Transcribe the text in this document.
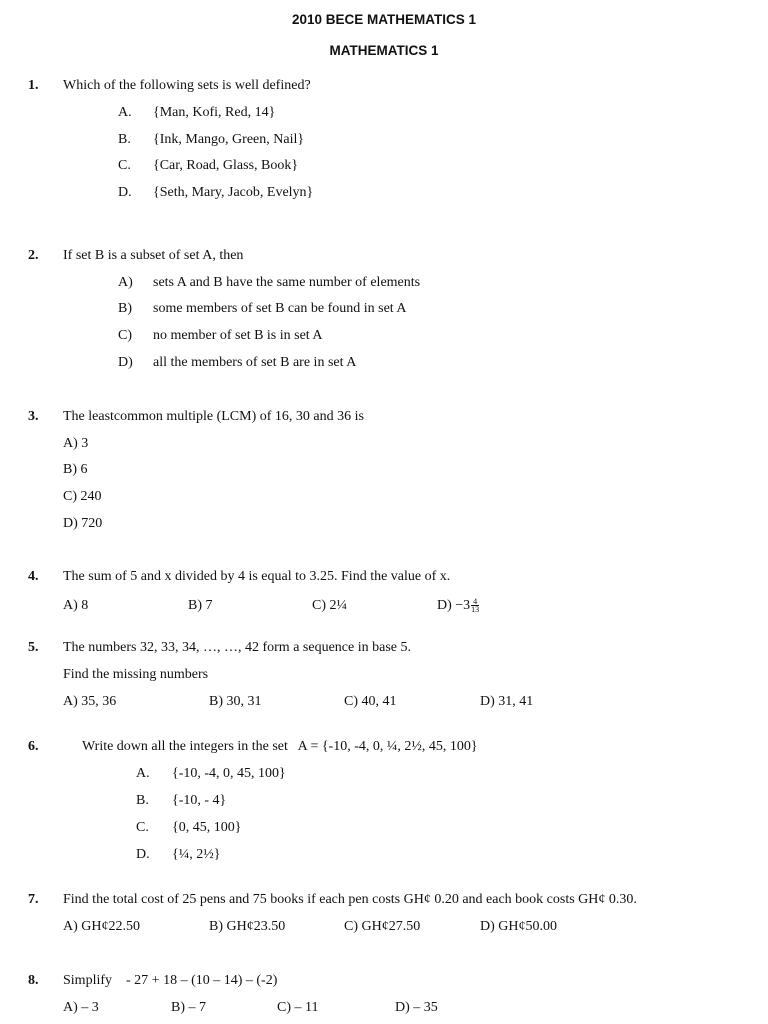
2010 BECE MATHEMATICS 1
MATHEMATICS 1
1. Which of the following sets is well defined?
A. {Man, Kofi, Red, 14}
B. {Ink, Mango, Green, Nail}
C. {Car, Road, Glass, Book}
D. {Seth, Mary, Jacob, Evelyn}
2. If set B is a subset of set A, then
A) sets A and B have the same number of elements
B) some members of set B can be found in set A
C) no member of set B is in set A
D) all the members of set B are in set A
3. The leastcommon multiple (LCM) of 16, 30 and 36 is
A) 3
B) 6
C) 240
D) 720
4. The sum of 5 and x divided by 4 is equal to 3.25. Find the value of x.
A) 8	B) 7	C) 2¼	$D) -3 \frac{4}{13}$
5. The numbers 32, 33, 34, …, …, 42 form a sequence in base 5.
Find the missing numbers
A) 35, 36	B) 30, 31	C) 40, 41	D) 31, 41
6.	Write down all the integers in the set   A = {-10, -4, 0, ¼, 2½, 45, 100}
A. {-10, -4, 0, 45, 100}
B. {-10, - 4}
C. {0, 45, 100}
D. {¼, 2½}
7. Find the total cost of 25 pens and 75 books if each pen costs GH¢ 0.20 and each book costs GH¢ 0.30.
A) GH¢22.50	B) GH¢23.50	C) GH¢27.50	D) GH¢50.00
8. Simplify    - 27 + 18 – (10 – 14) – (-2)
A) – 3	B) – 7	C) – 11	D) – 35
